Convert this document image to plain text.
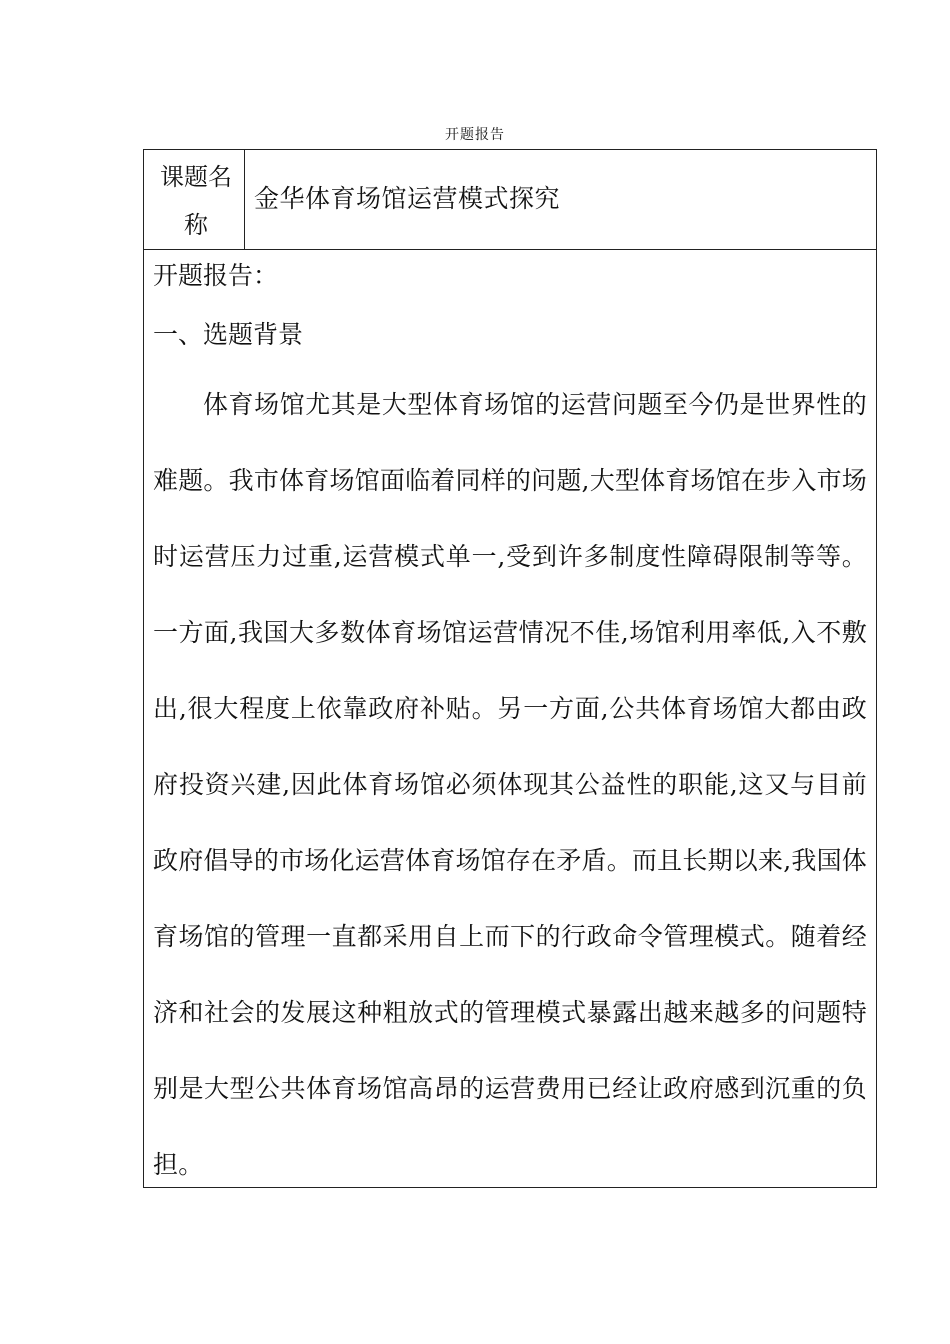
开题报告
课题名称
金华体育场馆运营模式探究

开题报告：

一、选题背景

体育场馆尤其是大型体育场馆的运营问题至今仍是世界性的难题。我市体育场馆面临着同样的问题,大型体育场馆在步入市场时运营压力过重,运营模式单一,受到许多制度性障碍限制等等。一方面,我国大多数体育场馆运营情况不佳,场馆利用率低,入不敷出,很大程度上依靠政府补贴。另一方面,公共体育场馆大都由政府投资兴建,因此体育场馆必须体现其公益性的职能,这又与目前政府倡导的市场化运营体育场馆存在矛盾。而且长期以来,我国体育场馆的管理一直都采用自上而下的行政命令管理模式。随着经济和社会的发展这种粗放式的管理模式暴露出越来越多的问题特别是大型公共体育场馆高昂的运营费用已经让政府感到沉重的负担。
